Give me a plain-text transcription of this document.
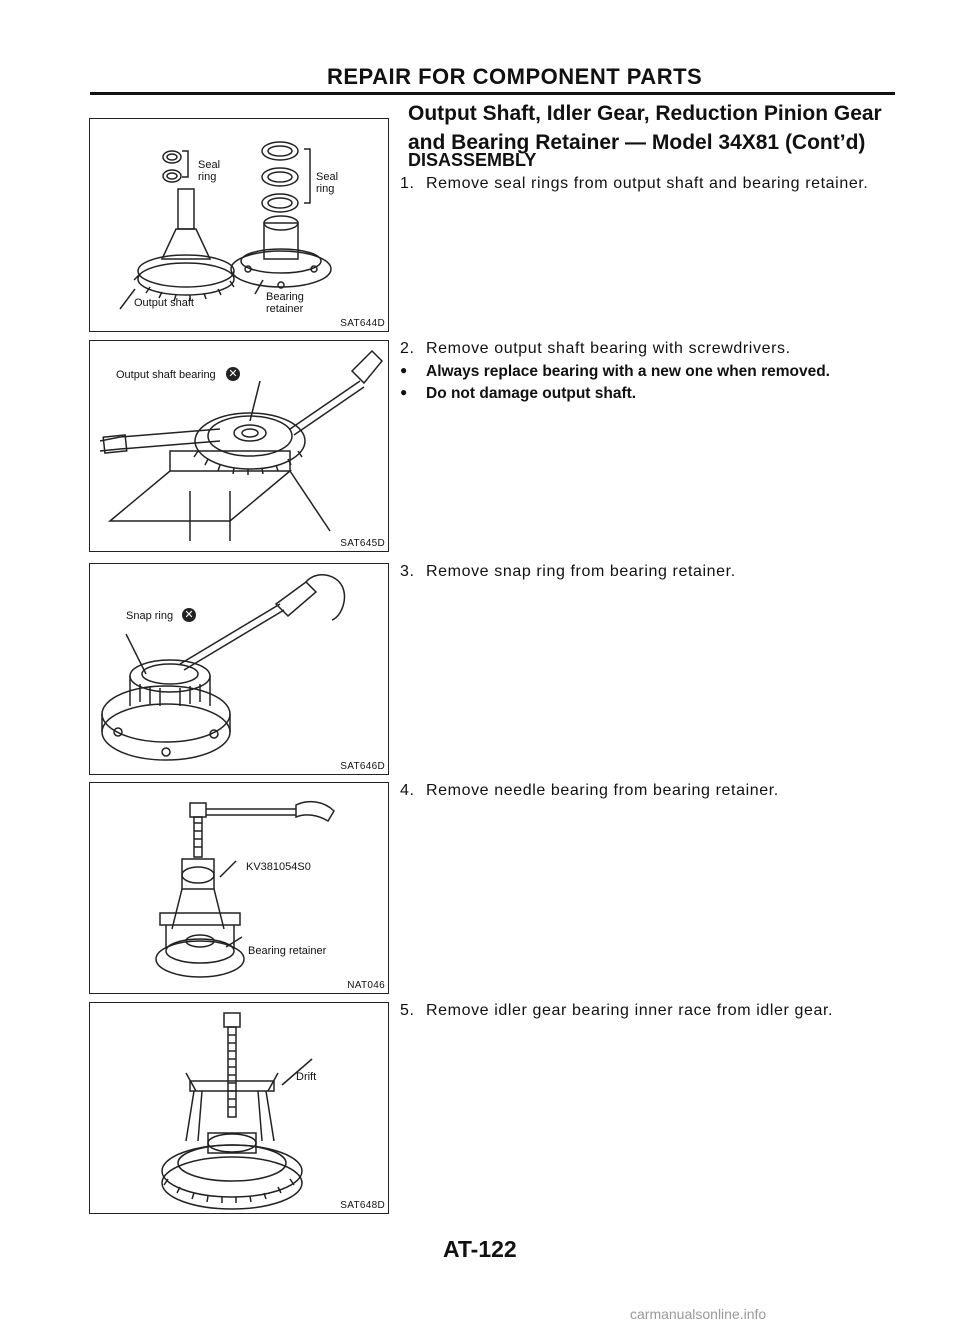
REPAIR FOR COMPONENT PARTS
Output Shaft, Idler Gear, Reduction Pinion Gear
and Bearing Retainer — Model 34X81 (Cont’d)
DISASSEMBLY
1. Remove seal rings from output shaft and bearing retainer.
2. Remove output shaft bearing with screwdrivers.
● Always replace bearing with a new one when removed.
● Do not damage output shaft.
3. Remove snap ring from bearing retainer.
4. Remove needle bearing from bearing retainer.
5. Remove idler gear bearing inner race from idler gear.
Seal
ring	Seal
ring
Output shaft	Bearing
retainer
SAT644D
Output shaft bearing ✕
SAT645D
Snap ring ✕
SAT646D
KV381054S0
Bearing retainer
NAT046
Drift
SAT648D
AT-122
carmanualsonline.info
